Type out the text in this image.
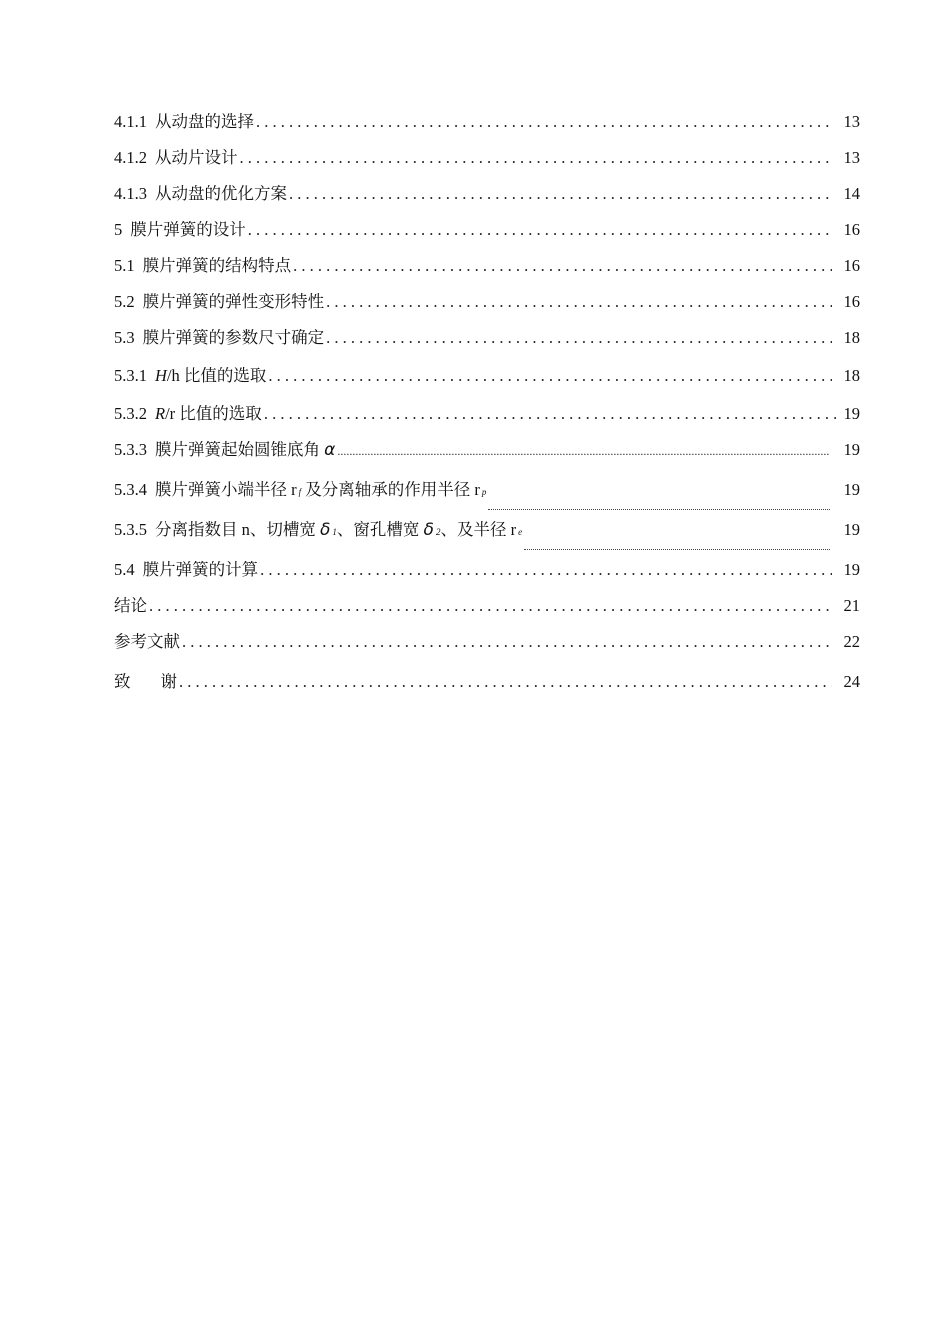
4.1.1 从动盘的选择 . . .	13
4.1.2 从动片设计 . . .	13
4.1.3 从动盘的优化方案 . . .	14
5 膜片弹簧的设计 . . .	16
5.1 膜片弹簧的结构特点 . . .	16
5.2 膜片弹簧的弹性变形特性 . . .	16
5.3 膜片弹簧的参数尺寸确定 . . .	18
5.3.1 H/h 比值的选取 . . .	18
5.3.2 R/r 比值的选取 . . .	19
5.3.3 膜片弹簧起始圆锥底角 α .....	19
5.3.4 膜片弹簧小端半径 r f 及分离轴承的作用半径 r p	19
5.3.5 分离指数目 n、切槽宽 δ 1、窗孔槽宽 δ 2、及半径 r e	19
5.4 膜片弹簧的计算 . . .	19
结论 . . .	21
参考文献 . . .	22
致 谢 . . .	24
